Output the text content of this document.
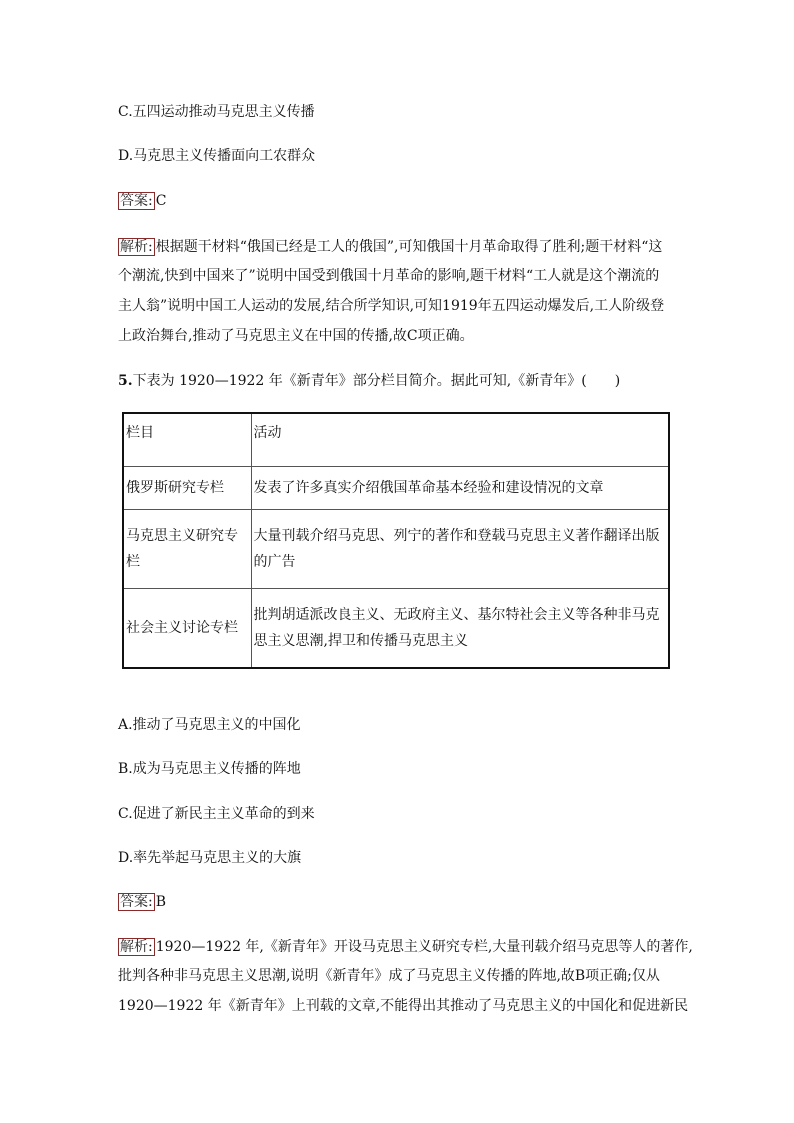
C.五四运动推动马克思主义传播
D.马克思主义传播面向工农群众
答案: C
解析: 根据题干材料“俄国已经是工人的俄国”,可知俄国十月革命取得了胜利;题干材料“这
个潮流,快到中国来了”说明中国受到俄国十月革命的影响,题干材料“工人就是这个潮流的
主人翁”说明中国工人运动的发展,结合所学知识,可知1919年五四运动爆发后,工人阶级登
上政治舞台,推动了马克思主义在中国的传播,故C项正确。
5.下表为 1920—1922 年《新青年》部分栏目简介。据此可知,《新青年》(　　)
栏目	活动
俄罗斯研究专栏	发表了许多真实介绍俄国革命基本经验和建设情况的文章
马克思主义研究专栏	大量刊载介绍马克思、列宁的著作和登载马克思主义著作翻译出版的广告
社会主义讨论专栏	批判胡适派改良主义、无政府主义、基尔特社会主义等各种非马克思主义思潮,捍卫和传播马克思主义
A.推动了马克思主义的中国化
B.成为马克思主义传播的阵地
C.促进了新民主主义革命的到来
D.率先举起马克思主义的大旗
答案: B
解析: 1920—1922 年,《新青年》开设马克思主义研究专栏,大量刊载介绍马克思等人的著作,
批判各种非马克思主义思潮,说明《新青年》成了马克思主义传播的阵地,故B项正确;仅从
1920—1922 年《新青年》上刊载的文章,不能得出其推动了马克思主义的中国化和促进新民
